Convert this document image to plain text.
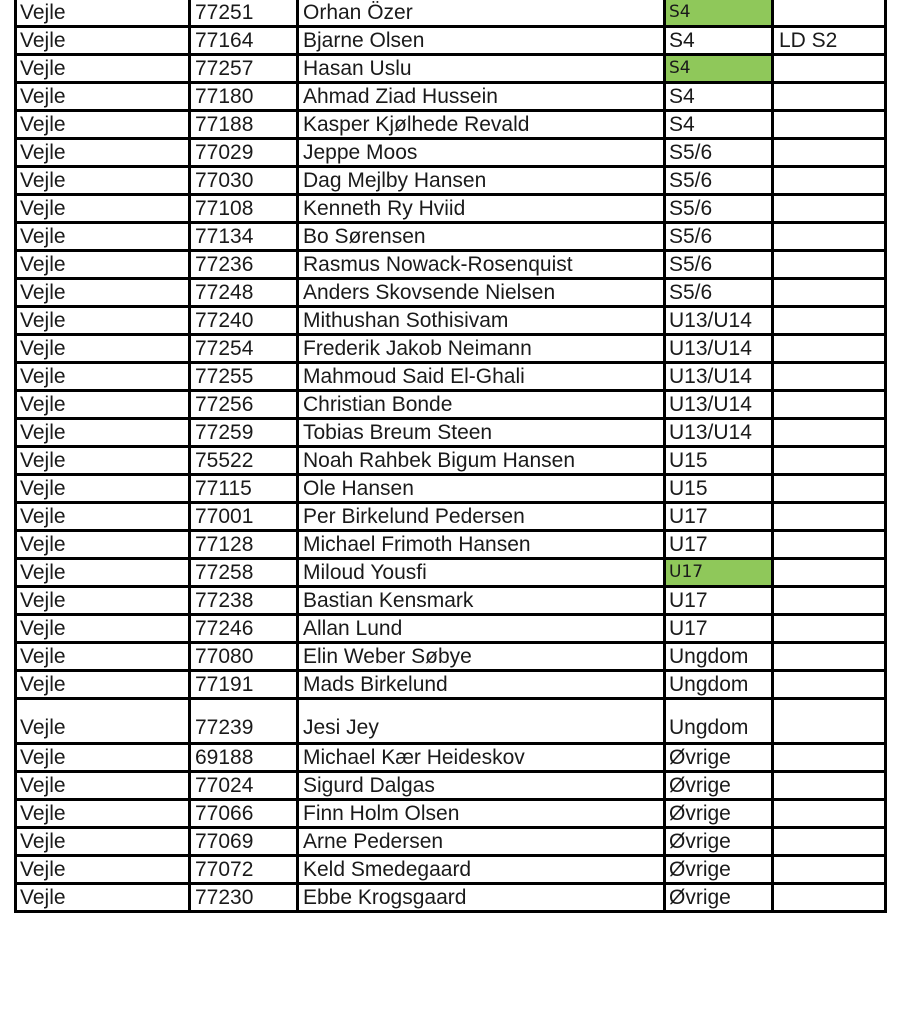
Vejle	77251	Orhan Özer	S4	
Vejle	77164	Bjarne Olsen	S4	LD S2
Vejle	77257	Hasan Uslu	S4	
Vejle	77180	Ahmad Ziad Hussein	S4	
Vejle	77188	Kasper Kjølhede Revald	S4	
Vejle	77029	Jeppe Moos	S5/6	
Vejle	77030	Dag Mejlby Hansen	S5/6	
Vejle	77108	Kenneth Ry Hviid	S5/6	
Vejle	77134	Bo Sørensen	S5/6	
Vejle	77236	Rasmus Nowack-Rosenquist	S5/6	
Vejle	77248	Anders Skovsende Nielsen	S5/6	
Vejle	77240	Mithushan Sothisivam	U13/U14	
Vejle	77254	Frederik Jakob Neimann	U13/U14	
Vejle	77255	Mahmoud Said El-Ghali	U13/U14	
Vejle	77256	Christian Bonde	U13/U14	
Vejle	77259	Tobias Breum Steen	U13/U14	
Vejle	75522	Noah Rahbek Bigum Hansen	U15	
Vejle	77115	Ole Hansen	U15	
Vejle	77001	Per Birkelund Pedersen	U17	
Vejle	77128	Michael Frimoth Hansen	U17	
Vejle	77258	Miloud Yousfi	U17	
Vejle	77238	Bastian Kensmark	U17	
Vejle	77246	Allan Lund	U17	
Vejle	77080	Elin Weber Søbye	Ungdom	
Vejle	77191	Mads Birkelund	Ungdom	
Vejle	77239	Jesi Jey	Ungdom	
Vejle	69188	Michael Kær Heideskov	Øvrige	
Vejle	77024	Sigurd Dalgas	Øvrige	
Vejle	77066	Finn Holm Olsen	Øvrige	
Vejle	77069	Arne Pedersen	Øvrige	
Vejle	77072	Keld Smedegaard	Øvrige	
Vejle	77230	Ebbe Krogsgaard	Øvrige	
